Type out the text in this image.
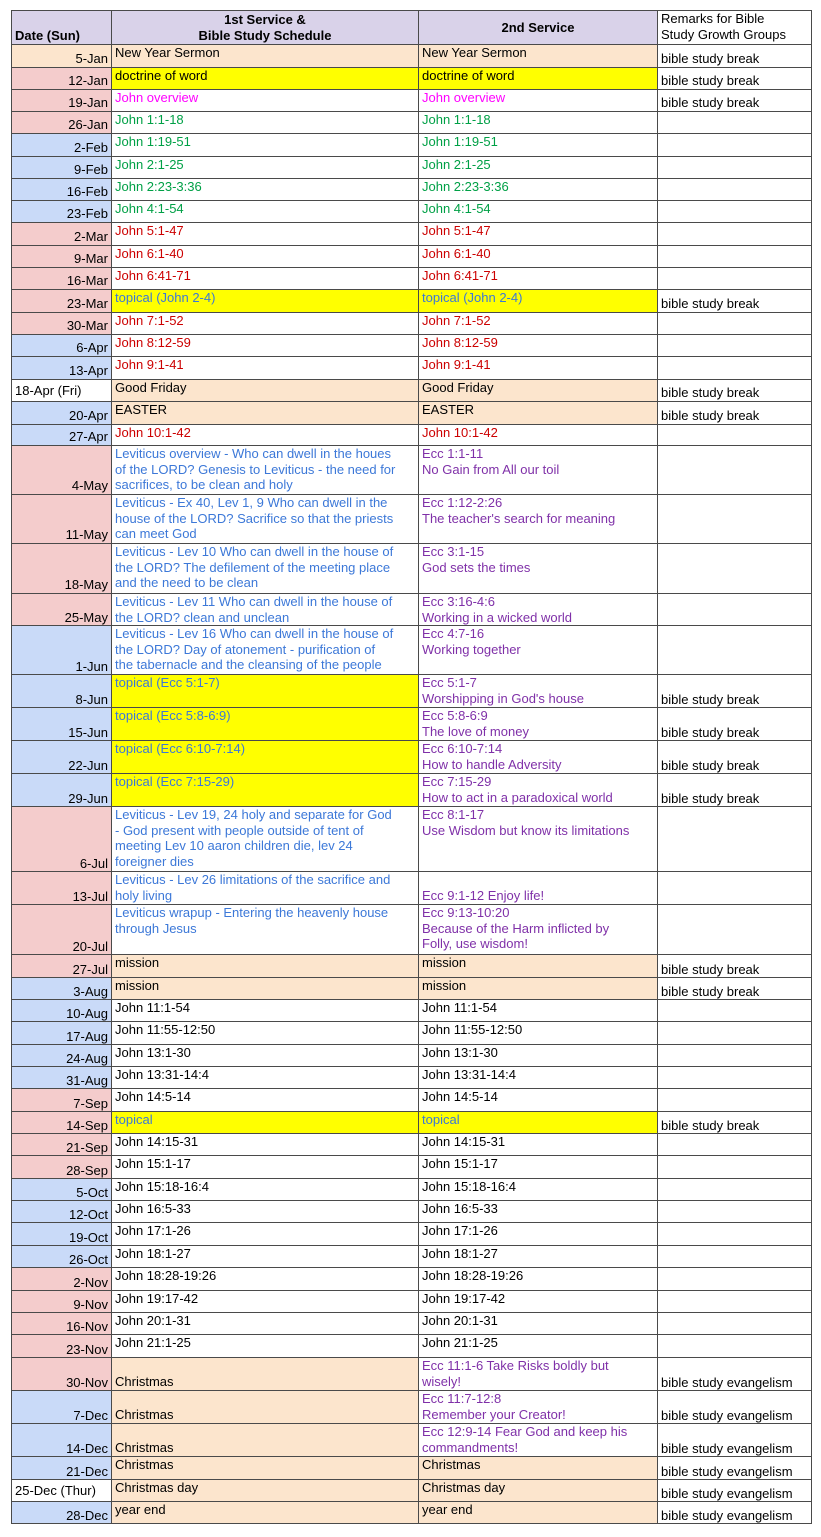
Date (Sun)	1st Service &
Bible Study Schedule	2nd Service	Remarks for Bible
Study Growth Groups

5-Jan	New Year Sermon	New Year Sermon	bible study break
12-Jan	doctrine of word	doctrine of word	bible study break
19-Jan	John overview	John overview	bible study break
26-Jan	John 1:1-18	John 1:1-18	

2-Feb	John 1:19-51	John 1:19-51	

9-Feb	John 2:1-25	John 2:1-25	

16-Feb	John 2:23-3:36	John 2:23-3:36	

23-Feb	John 4:1-54	John 4:1-54	

2-Mar	John 5:1-47	John 5:1-47	

9-Mar	John 6:1-40	John 6:1-40	

16-Mar	John 6:41-71	John 6:41-71	

23-Mar	topical (John 2-4)	topical (John 2-4)	bible study break
30-Mar	John 7:1-52	John 7:1-52	

6-Apr	John 8:12-59	John 8:12-59	

13-Apr	John 9:1-41	John 9:1-41	

18-Apr (Fri)	Good Friday	Good Friday	bible study break
20-Apr	EASTER	EASTER	bible study break
27-Apr	John 10:1-42	John 10:1-42	

4-May	Leviticus overview - Who can dwell in the houes
of the LORD? Genesis to Leviticus - the need for
sacrifices, to be clean and holy	Ecc 1:1-11
No Gain from All our toil	

11-May	Leviticus - Ex 40, Lev 1, 9 Who can dwell in the
house of the LORD? Sacrifice so that the priests
can meet God	Ecc 1:12-2:26
The teacher's search for meaning	

18-May	Leviticus - Lev 10 Who can dwell in the house of
the LORD? The defilement of the meeting place
and the need to be clean	Ecc 3:1-15
God sets the times	

25-May	Leviticus - Lev 11 Who can dwell in the house of
the LORD? clean and unclean	Ecc 3:16-4:6
Working in a wicked world	

1-Jun	Leviticus - Lev 16 Who can dwell in the house of
the LORD? Day of atonement - purification of
the tabernacle and the cleansing of the people	Ecc 4:7-16
Working together	

8-Jun	topical (Ecc 5:1-7)	Ecc 5:1-7
Worshipping in God's house	bible study break
15-Jun	topical (Ecc 5:8-6:9)	Ecc 5:8-6:9
The love of money	bible study break
22-Jun	topical (Ecc 6:10-7:14)	Ecc 6:10-7:14
How to handle Adversity	bible study break
29-Jun	topical (Ecc 7:15-29)	Ecc 7:15-29
How to act in a paradoxical world	bible study break
6-Jul	Leviticus - Lev 19, 24 holy and separate for God
- God present with people outside of tent of
meeting Lev 10 aaron children die, lev 24
foreigner dies	Ecc 8:1-17
Use Wisdom but know its limitations	

13-Jul	Leviticus - Lev 26 limitations of the sacrifice and
holy living	Ecc 9:1-12 Enjoy life!	

20-Jul	Leviticus wrapup - Entering the heavenly house
through Jesus	Ecc 9:13-10:20
Because of the Harm inflicted by
Folly, use wisdom!	

27-Jul	mission	mission	bible study break
3-Aug	mission	mission	bible study break
10-Aug	John 11:1-54	John 11:1-54	

17-Aug	John 11:55-12:50	John 11:55-12:50	

24-Aug	John 13:1-30	John 13:1-30	

31-Aug	John 13:31-14:4	John 13:31-14:4	

7-Sep	John 14:5-14	John 14:5-14	

14-Sep	topical	topical	bible study break
21-Sep	John 14:15-31	John 14:15-31	

28-Sep	John 15:1-17	John 15:1-17	

5-Oct	John 15:18-16:4	John 15:18-16:4	

12-Oct	John 16:5-33	John 16:5-33	

19-Oct	John 17:1-26	John 17:1-26	

26-Oct	John 18:1-27	John 18:1-27	

2-Nov	John 18:28-19:26	John 18:28-19:26	

9-Nov	John 19:17-42	John 19:17-42	

16-Nov	John 20:1-31	John 20:1-31	

23-Nov	John 21:1-25	John 21:1-25	

30-Nov	Christmas	Ecc 11:1-6 Take Risks boldly but
wisely!	bible study evangelism
7-Dec	Christmas	Ecc 11:7-12:8
Remember your Creator!	bible study evangelism
14-Dec	Christmas	Ecc 12:9-14 Fear God and keep his
commandments!	bible study evangelism
21-Dec	Christmas	Christmas	bible study evangelism
25-Dec (Thur)	Christmas day	Christmas day	bible study evangelism
28-Dec	year end	year end	bible study evangelism
